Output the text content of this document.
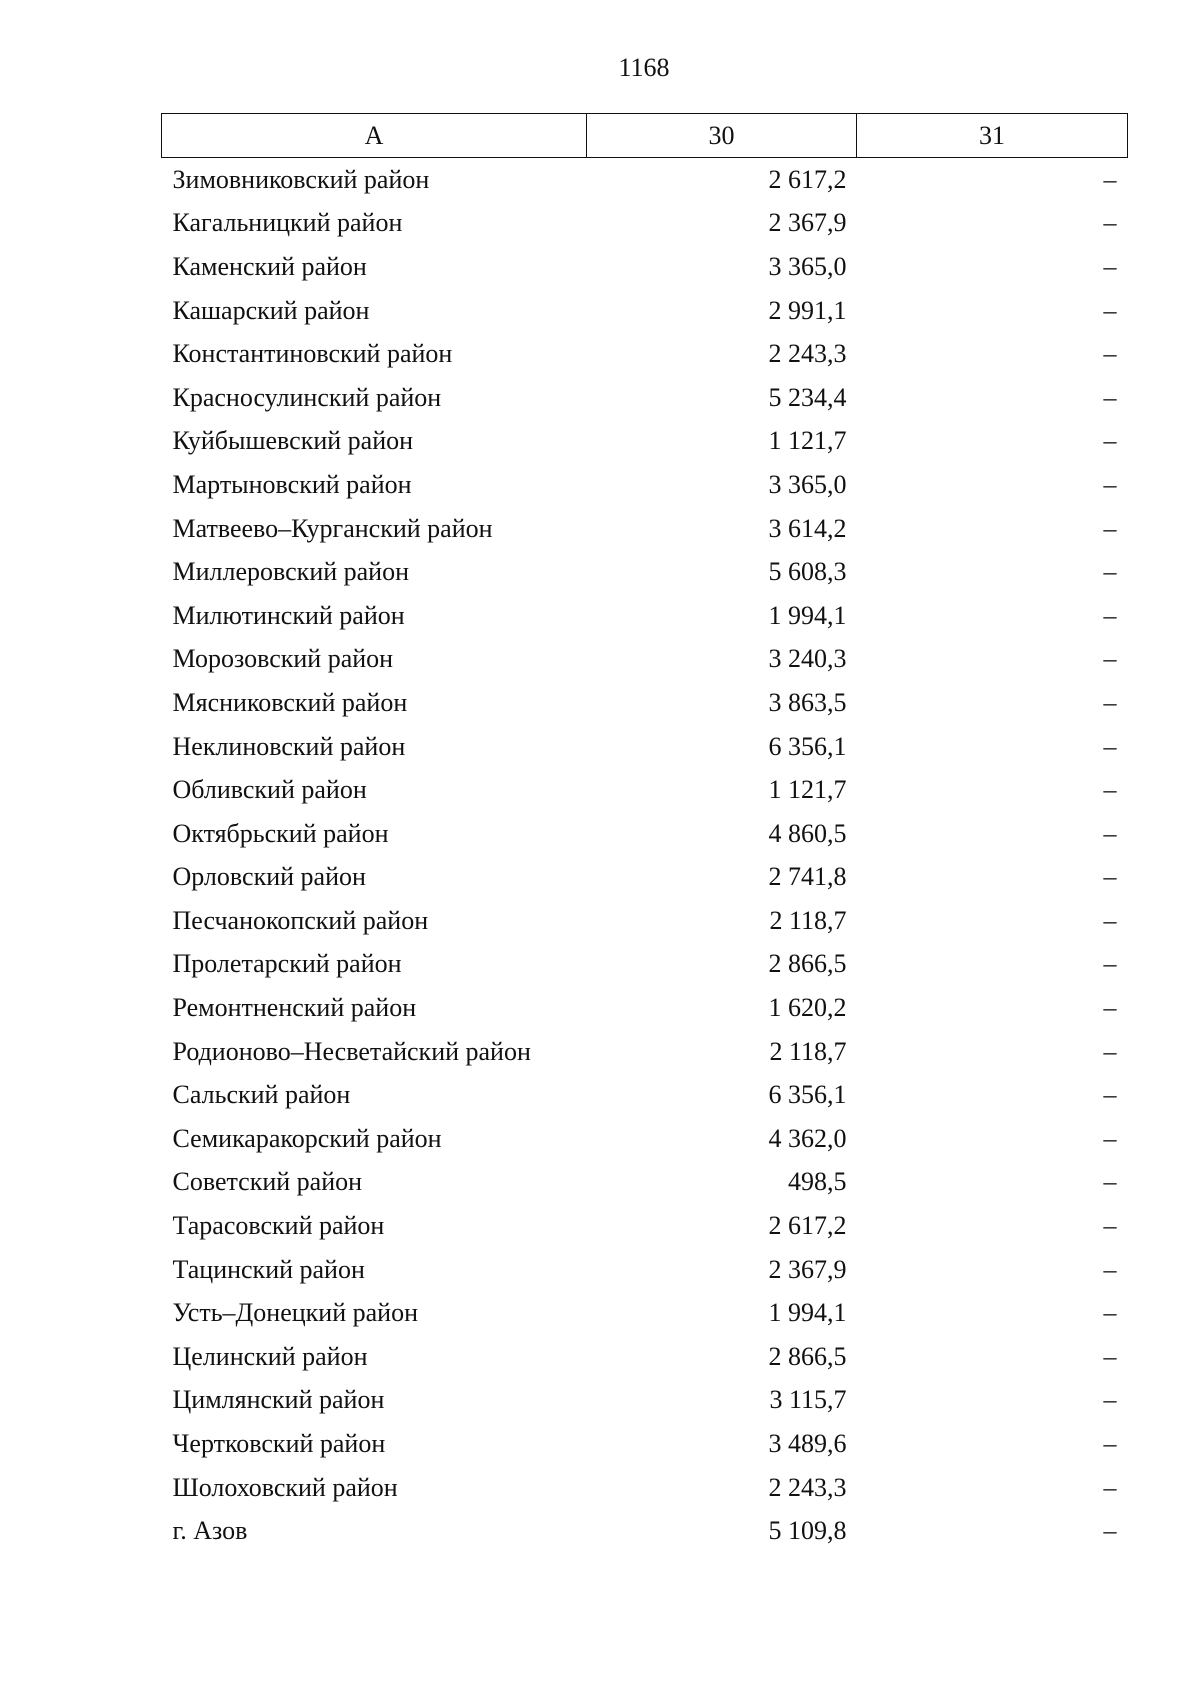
1168
А	30	31
Зимовниковский район	2 617,2	–
Кагальницкий район	2 367,9	–
Каменский район	3 365,0	–
Кашарский район	2 991,1	–
Константиновский район	2 243,3	–
Красносулинский район	5 234,4	–
Куйбышевский район	1 121,7	–
Мартыновский район	3 365,0	–
Матвеево–Курганский район	3 614,2	–
Миллеровский район	5 608,3	–
Милютинский район	1 994,1	–
Морозовский район	3 240,3	–
Мясниковский район	3 863,5	–
Неклиновский район	6 356,1	–
Обливский район	1 121,7	–
Октябрьский район	4 860,5	–
Орловский район	2 741,8	–
Песчанокопский район	2 118,7	–
Пролетарский район	2 866,5	–
Ремонтненский район	1 620,2	–
Родионово–Несветайский район	2 118,7	–
Сальский район	6 356,1	–
Семикаракорский район	4 362,0	–
Советский район	498,5	–
Тарасовский район	2 617,2	–
Тацинский район	2 367,9	–
Усть–Донецкий район	1 994,1	–
Целинский район	2 866,5	–
Цимлянский район	3 115,7	–
Чертковский район	3 489,6	–
Шолоховский район	2 243,3	–
г. Азов	5 109,8	–
